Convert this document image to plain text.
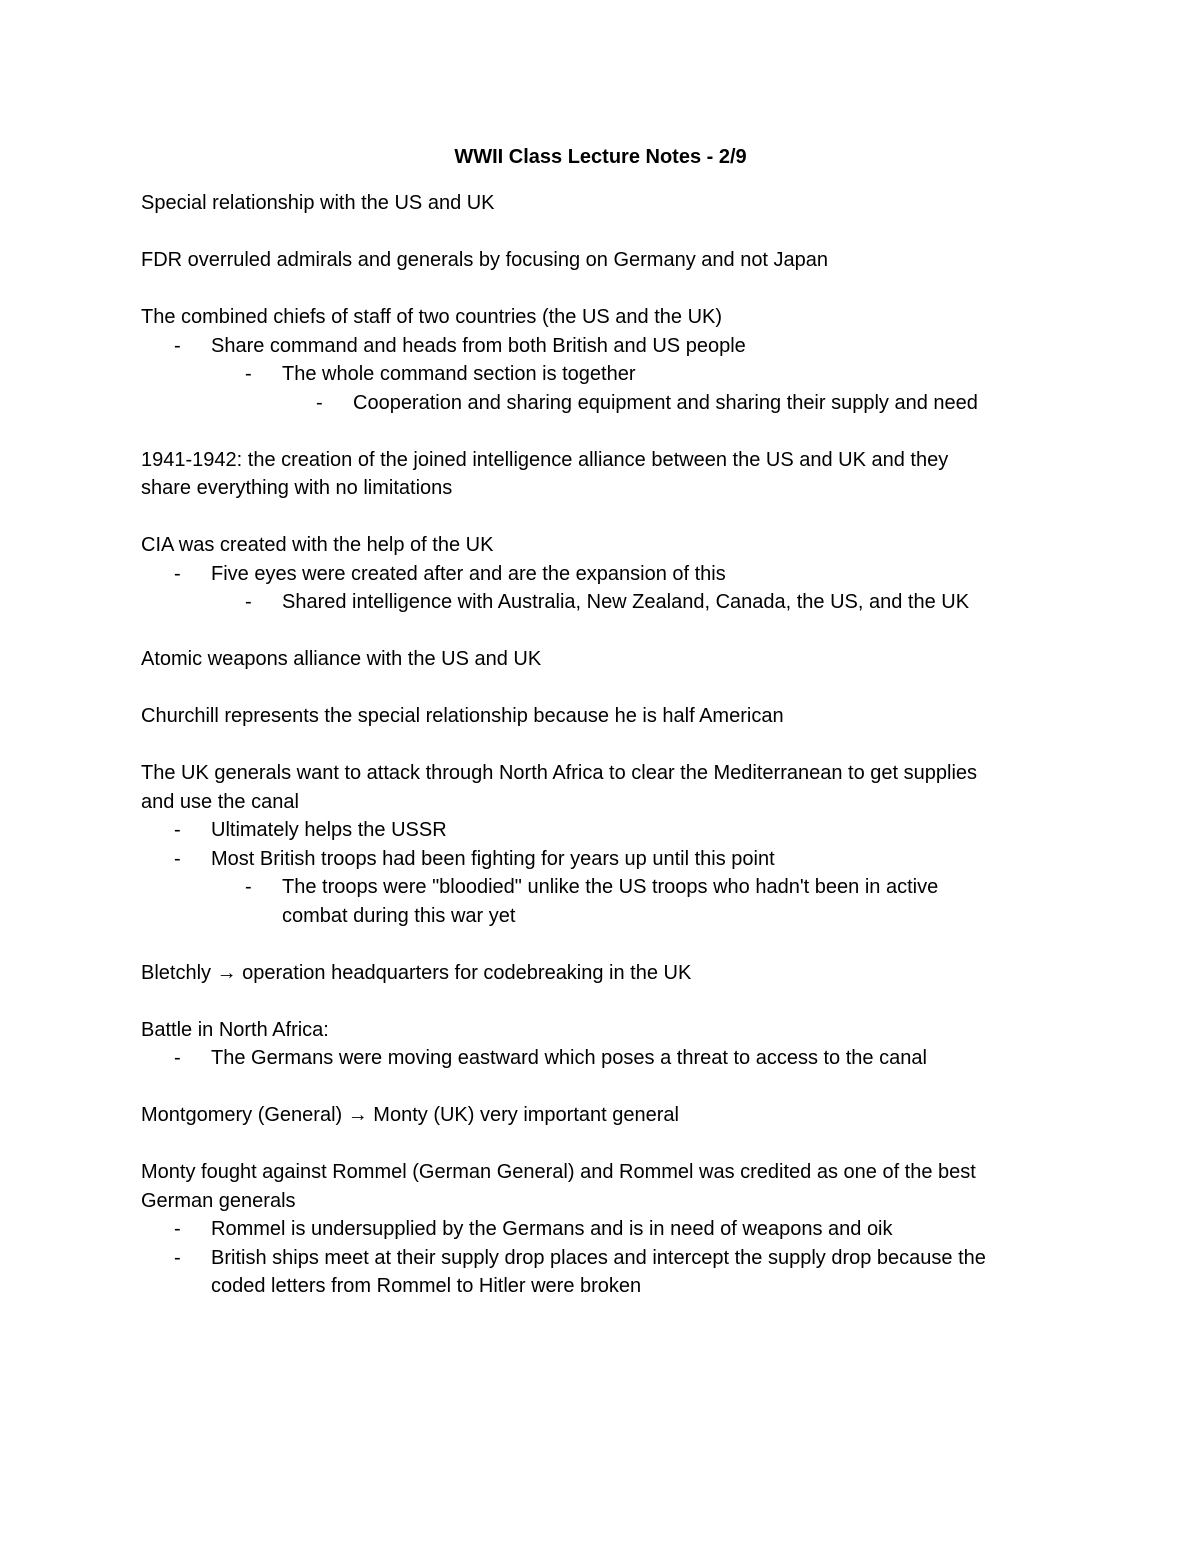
WWII Class Lecture Notes - 2/9

Special relationship with the US and UK

FDR overruled admirals and generals by focusing on Germany and not Japan

The combined chiefs of staff of two countries (the US and the UK)

- Share command and heads from both British and US people
- The whole command section is together
- Cooperation and sharing equipment and sharing their supply and need

1941-1942: the creation of the joined intelligence alliance between the US and UK and they

share everything with no limitations

CIA was created with the help of the UK

- Five eyes were created after and are the expansion of this
- Shared intelligence with Australia, New Zealand, Canada, the US, and the UK

Atomic weapons alliance with the US and UK

Churchill represents the special relationship because he is half American

The UK generals want to attack through North Africa to clear the Mediterranean to get supplies

and use the canal

- Ultimately helps the USSR
- Most British troops had been fighting for years up until this point
- The troops were "bloodied" unlike the US troops who hadn't been in active
combat during this war yet

Bletchly → operation headquarters for codebreaking in the UK

Battle in North Africa:

- The Germans were moving eastward which poses a threat to access to the canal

Montgomery (General) → Monty (UK) very important general

Monty fought against Rommel (German General) and Rommel was credited as one of the best

German generals

- Rommel is undersupplied by the Germans and is in need of weapons and oik
- British ships meet at their supply drop places and intercept the supply drop because the
coded letters from Rommel to Hitler were broken
